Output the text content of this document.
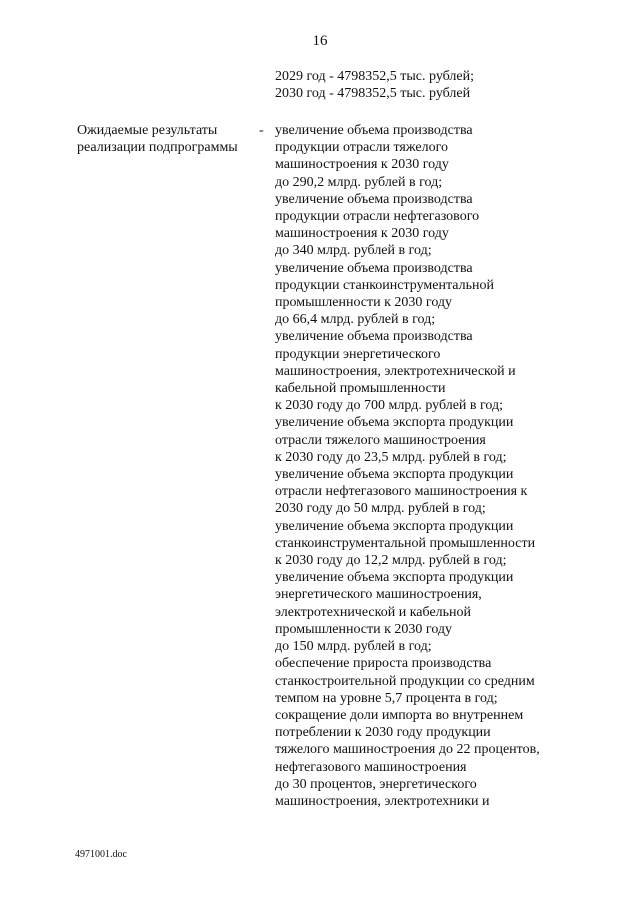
16
2029 год - 4798352,5 тыс. рублей;
2030 год - 4798352,5 тыс. рублей
Ожидаемые результаты
реализации подпрограммы
- увеличение объема производства
продукции отрасли тяжелого
машиностроения к 2030 году
до 290,2 млрд. рублей в год;
увеличение объема производства
продукции отрасли нефтегазового
машиностроения к 2030 году
до 340 млрд. рублей в год;
увеличение объема производства
продукции станкоинструментальной
промышленности к 2030 году
до 66,4 млрд. рублей в год;
увеличение объема производства
продукции энергетического
машиностроения, электротехнической и
кабельной промышленности
к 2030 году до 700 млрд. рублей в год;
увеличение объема экспорта продукции
отрасли тяжелого машиностроения
к 2030 году до 23,5 млрд. рублей в год;
увеличение объема экспорта продукции
отрасли нефтегазового машиностроения к
2030 году до 50 млрд. рублей в год;
увеличение объема экспорта продукции
станкоинструментальной промышленности
к 2030 году до 12,2 млрд. рублей в год;
увеличение объема экспорта продукции
энергетического машиностроения,
электротехнической и кабельной
промышленности к 2030 году
до 150 млрд. рублей в год;
обеспечение прироста производства
станкостроительной продукции со средним
темпом на уровне 5,7 процента в год;
сокращение доли импорта во внутреннем
потреблении к 2030 году продукции
тяжелого машиностроения до 22 процентов,
нефтегазового машиностроения
до 30 процентов, энергетического
машиностроения, электротехники и
4971001.doc
